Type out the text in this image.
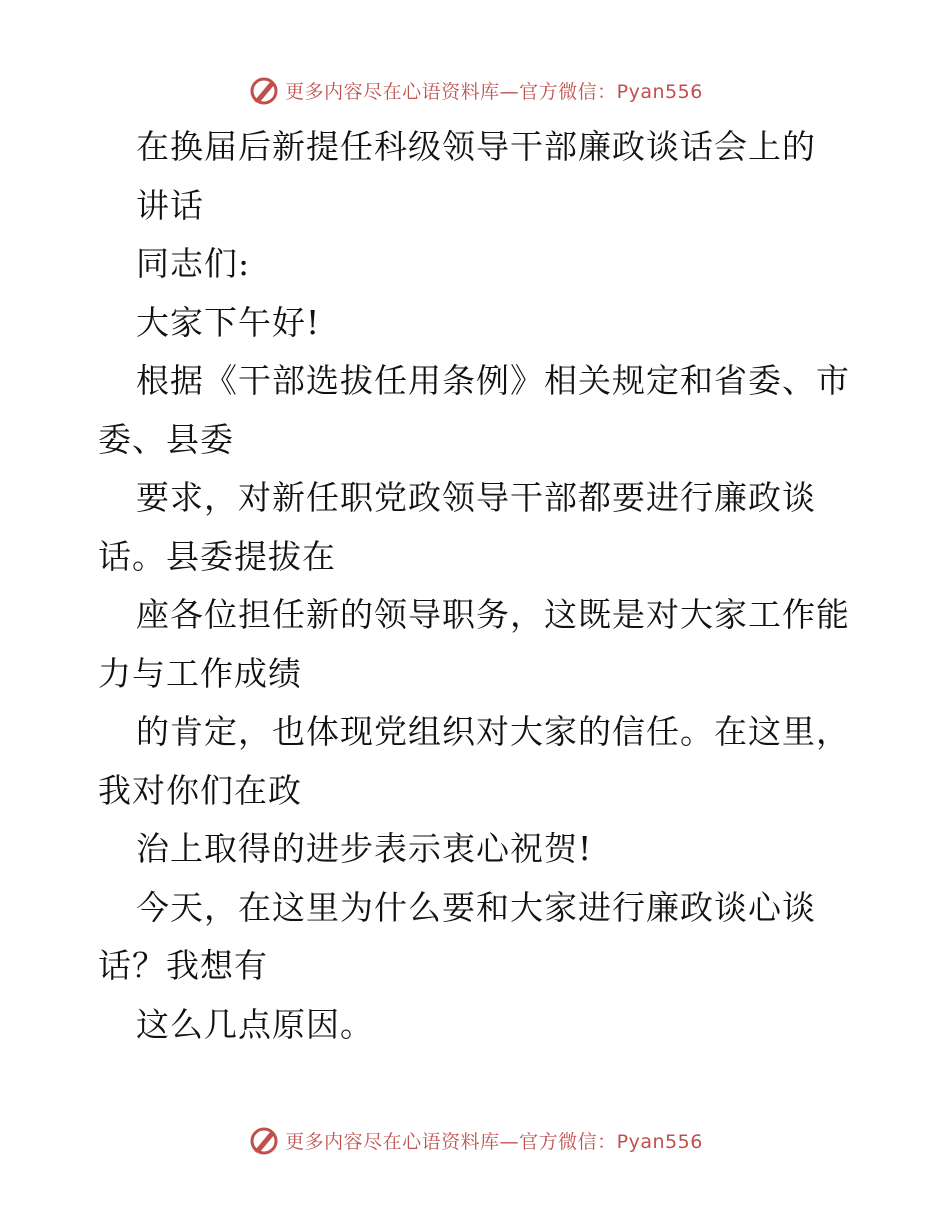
更多内容尽在心语资料库—官方微信：Pyan556
在换届后新提任科级领导干部廉政谈话会上的
讲话
同志们:
大家下午好!
根据《干部选拔任用条例》相关规定和省委、市
委、县委
要求，对新任职党政领导干部都要进行廉政谈
话。县委提拔在
座各位担任新的领导职务，这既是对大家工作能
力与工作成绩
的肯定，也体现党组织对大家的信任。在这里，
我对你们在政
治上取得的进步表示衷心祝贺!
今天，在这里为什么要和大家进行廉政谈心谈
话？我想有
这么几点原因。
更多内容尽在心语资料库—官方微信：Pyan556
